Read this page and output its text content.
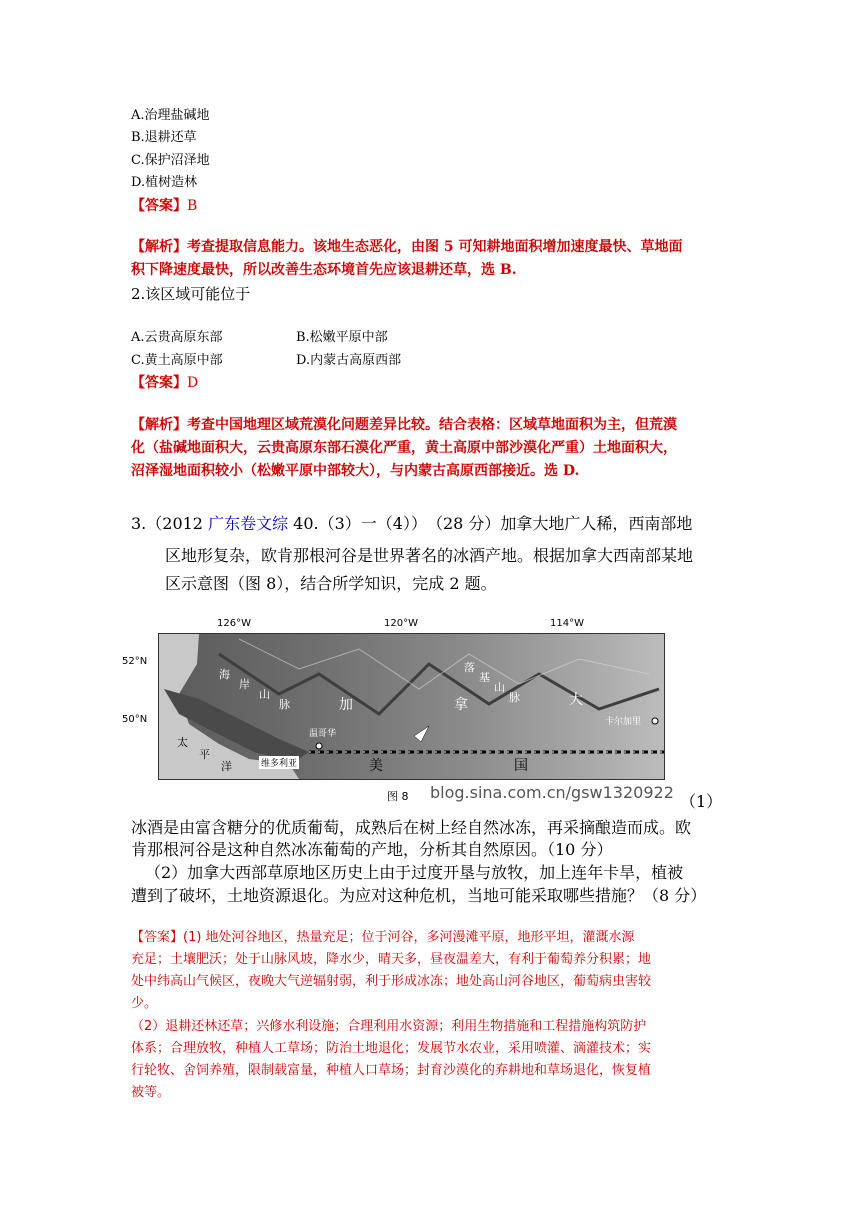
A.治理盐碱地
B.退耕还草
C.保护沼泽地
D.植树造林
【答案】B
【解析】考查提取信息能力。该地生态恶化，由图 5 可知耕地面积增加速度最快、草地面
积下降速度最快，所以改善生态环境首先应该退耕还草，选 B.
2.该区域可能位于
A.云贵高原东部	B.松嫩平原中部
C.黄土高原中部	D.内蒙古高原西部
【答案】D
【解析】考查中国地理区域荒漠化问题差异比较。结合表格：区域草地面积为主，但荒漠
化（盐碱地面积大，云贵高原东部石漠化严重，黄土高原中部沙漠化严重）土地面积大，
沼泽湿地面积较小（松嫩平原中部较大），与内蒙古高原西部接近。选 D.
3.（2012 广东卷文综 40.（3）一（4））　（28 分）加拿大地广人稀，西南部地
区地形复杂，欧肯那根河谷是世界著名的冰酒产地。根据加拿大西南部某地
区示意图（图 8），结合所学知识，完成 2 题。
126°W	120°W	114°W
52°N
50°N
加	拿	大
美	国
太
平
洋
温哥华
卡尔加里
维多利亚
海
岸
山
脉
落
基
山
脉
图 8 blog.sina.com.cn/gsw1320922 （1）
冰酒是由富含糖分的优质葡萄，成熟后在树上经自然冰冻，再采摘酿造而成。欧
肯那根河谷是这种自然冰冻葡萄的产地，分析其自然原因。（10 分）
（2）加拿大西部草原地区历史上由于过度开垦与放牧，加上连年卡旱，植被
遭到了破坏，土地资源退化。为应对这种危机，当地可能采取哪些措施？（8 分）
【答案】(1) 地处河谷地区，热量充足；位于河谷，多河漫滩平原，地形平坦，灌溉水源
充足；土壤肥沃；处于山脉风坡，降水少，晴天多，昼夜温差大，有利于葡萄养分积累；地
处中纬高山气候区，夜晚大气逆辐射弱，利于形成冰冻；地处高山河谷地区，葡萄病虫害较
少。
（2）退耕还林还草；兴修水利设施；合理利用水资源；利用生物措施和工程措施构筑防护
体系；合理放牧，种植人工草场；防治土地退化；发展节水农业，采用喷灌、滴灌技术；实
行轮牧、舍饲养殖，限制载富量，种植人口草场；封育沙漠化的弃耕地和草场退化，恢复植
被等。
